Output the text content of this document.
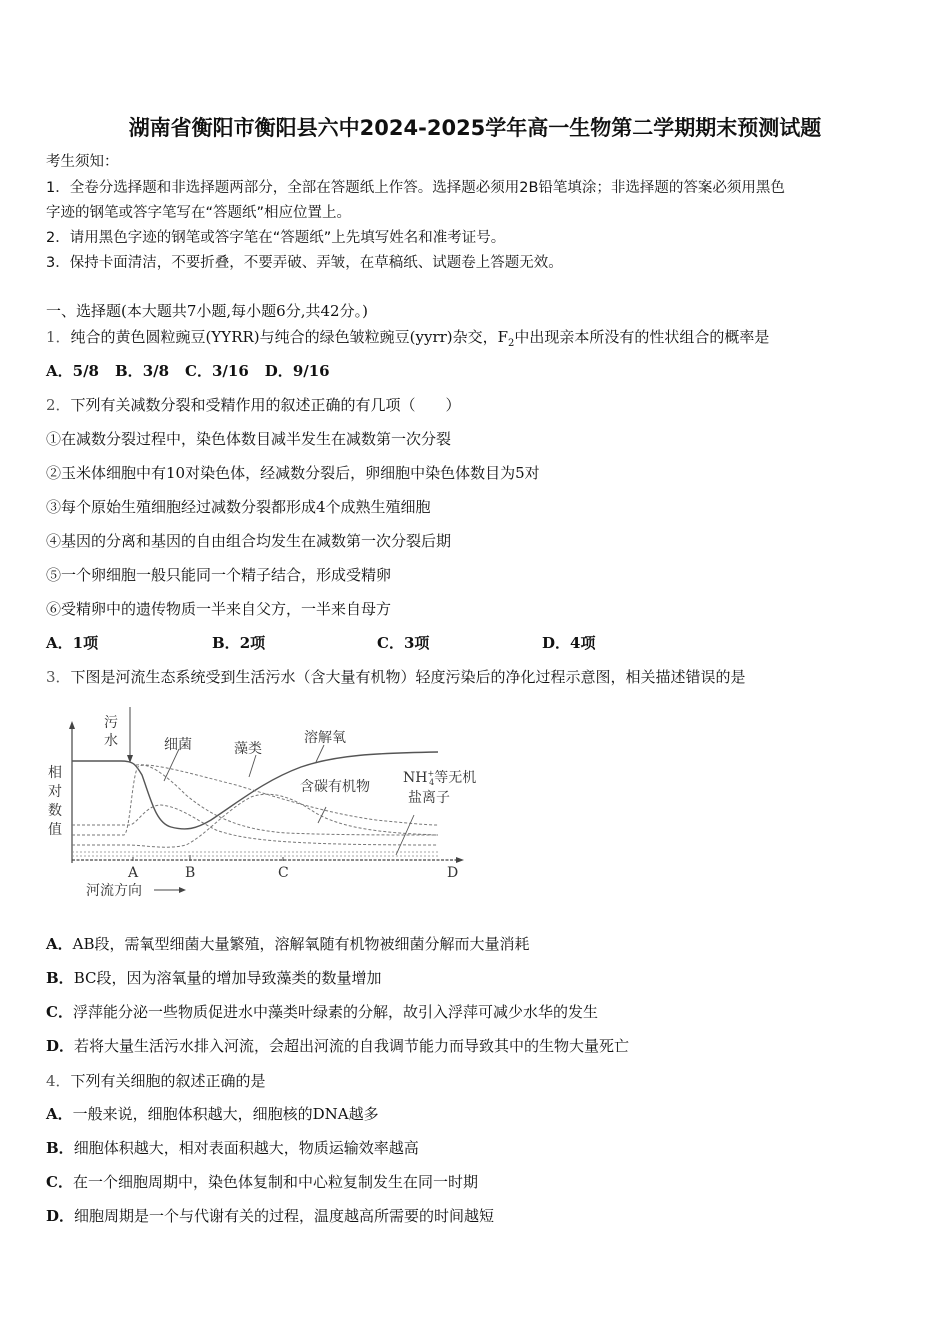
湖南省衡阳市衡阳县六中2024-2025学年高一生物第二学期期末预测试题
考生须知：
1．全卷分选择题和非选择题两部分，全部在答题纸上作答。选择题必须用2B铅笔填涂；非选择题的答案必须用黑色
字迹的钢笔或答字笔写在“答题纸”相应位置上。
2．请用黑色字迹的钢笔或答字笔在“答题纸”上先填写姓名和准考证号。
3．保持卡面清洁，不要折叠，不要弄破、弄皱，在草稿纸、试题卷上答题无效。
一、选择题(本大题共7小题,每小题6分,共42分。)
1．纯合的黄色圆粒豌豆(YYRR)与纯合的绿色皱粒豌豆(yyrr)杂交，$F_2$中出现亲本所没有的性状组合的概率是
A．5/8 B．3/8 C．3/16 D．9/16
2．下列有关减数分裂和受精作用的叙述正确的有几项（　　）
①在减数分裂过程中，染色体数目减半发生在减数第一次分裂
②玉米体细胞中有10对染色体，经减数分裂后，卵细胞中染色体数目为5对
③每个原始生殖细胞经过减数分裂都形成4个成熟生殖细胞
④基因的分离和基因的自由组合均发生在减数第一次分裂后期
⑤一个卵细胞一般只能同一个精子结合，形成受精卵
⑥受精卵中的遗传物质一半来自父方，一半来自母方
A．1项	B．2项	C．3项	D．4项
3．下图是河流生态系统受到生活污水（含大量有机物）轻度污染后的净化过程示意图，相关描述错误的是
污
水
相
对
数
值
细菌	藻类
溶解氧
含碳有机物
NH+ 4等无机
盐离子
A	B	C	D
河流方向
A．AB段，需氧型细菌大量繁殖，溶解氧随有机物被细菌分解而大量消耗
B．BC段，因为溶氧量的增加导致藻类的数量增加
C．浮萍能分泌一些物质促进水中藻类叶绿素的分解，故引入浮萍可减少水华的发生
D．若将大量生活污水排入河流，会超出河流的自我调节能力而导致其中的生物大量死亡
4．下列有关细胞的叙述正确的是
A．一般来说，细胞体积越大，细胞核的DNA越多
B．细胞体积越大，相对表面积越大，物质运输效率越高
C．在一个细胞周期中，染色体复制和中心粒复制发生在同一时期
D．细胞周期是一个与代谢有关的过程，温度越高所需要的时间越短
